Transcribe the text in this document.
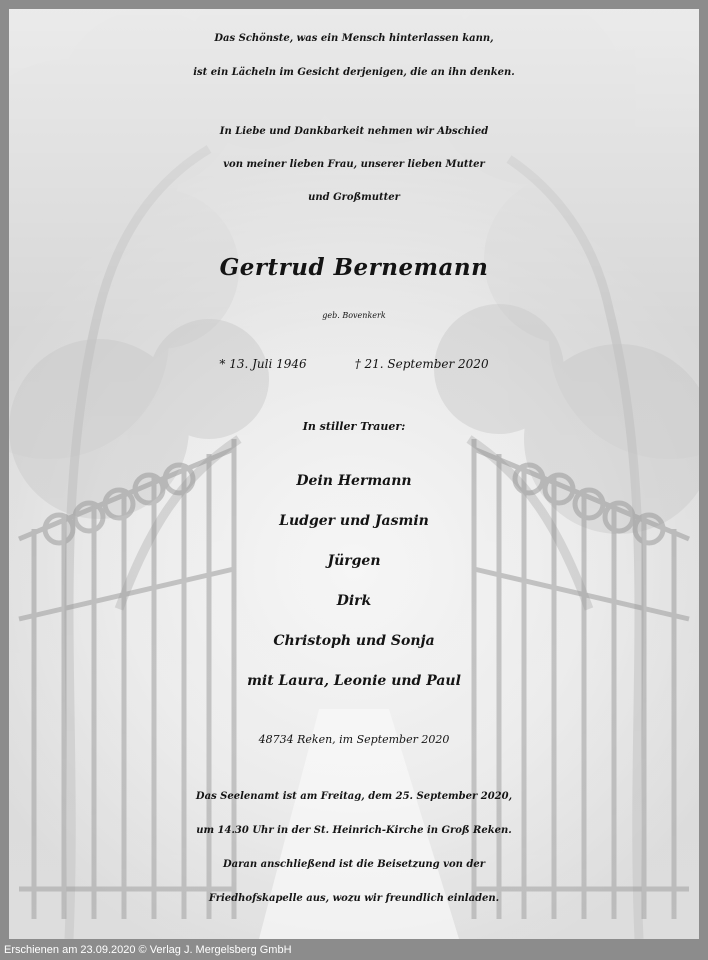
Das Schönste, was ein Mensch hinterlassen kann,
ist ein Lächeln im Gesicht derjenigen, die an ihn denken.
In Liebe und Dankbarkeit nehmen wir Abschied
von meiner lieben Frau, unserer lieben Mutter
und Großmutter
Gertrud Bernemann
geb. Bovenkerk
* 13. Juli 1946	† 21. September 2020
In stiller Trauer:
Dein Hermann
Ludger und Jasmin
Jürgen
Dirk
Christoph und Sonja
mit Laura, Leonie und Paul
48734 Reken, im September 2020
Das Seelenamt ist am Freitag, dem 25. September 2020,
um 14.30 Uhr in der St. Heinrich-Kirche in Groß Reken.
Daran anschließend ist die Beisetzung von der
Friedhofskapelle aus, wozu wir freundlich einladen.
Erschienen am 23.09.2020 © Verlag J. Mergelsberg GmbH
